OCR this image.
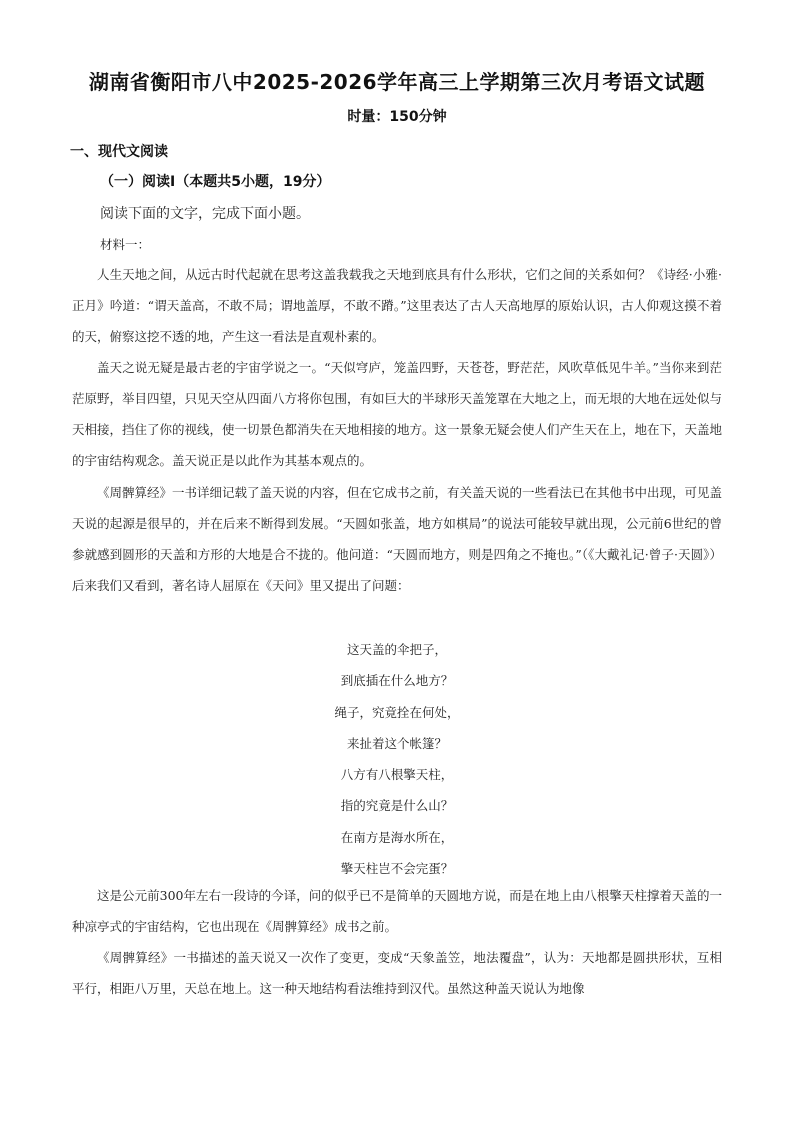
湖南省衡阳市八中2025-2026学年高三上学期第三次月考语文试题
时量：150分钟
一、现代文阅读
（一）阅读Ⅰ（本题共5小题，19分）
阅读下面的文字，完成下面小题。
材料一：

人生天地之间，从远古时代起就在思考这盖我载我之天地到底具有什么形状，它们之间的关系如何？《诗经·小雅·正月》吟道：“谓天盖高，不敢不局；谓地盖厚，不敢不蹐。”这里表达了古人天高地厚的原始认识，古人仰观这摸不着的天，俯察这挖不透的地，产生这一看法是直观朴素的。

盖天之说无疑是最古老的宇宙学说之一。“天似穹庐，笼盖四野，天苍苍，野茫茫，风吹草低见牛羊。”当你来到茫茫原野，举目四望，只见天空从四面八方将你包围，有如巨大的半球形天盖笼罩在大地之上，而无垠的大地在远处似与天相接，挡住了你的视线，使一切景色都消失在天地相接的地方。这一景象无疑会使人们产生天在上，地在下，天盖地的宇宙结构观念。盖天说正是以此作为其基本观点的。

《周髀算经》一书详细记载了盖天说的内容，但在它成书之前，有关盖天说的一些看法已在其他书中出现，可见盖天说的起源是很早的，并在后来不断得到发展。“天圆如张盖，地方如棋局”的说法可能较早就出现，公元前6世纪的曾参就感到圆形的天盖和方形的大地是合不拢的。他问道：“天圆而地方，则是四角之不掩也。”（《大戴礼记·曾子·天圆》）后来我们又看到，著名诗人屈原在《天问》里又提出了问题：

这天盖的伞把子，
到底插在什么地方？
绳子，究竟拴在何处，
来扯着这个帐篷？
八方有八根擎天柱，
指的究竟是什么山？
在南方是海水所在，
擎天柱岂不会完蛋？

这是公元前300年左右一段诗的今译，问的似乎已不是简单的天圆地方说，而是在地上由八根擎天柱撑着天盖的一种凉亭式的宇宙结构，它也出现在《周髀算经》成书之前。

《周髀算经》一书描述的盖天说又一次作了变更，变成“天象盖笠，地法覆盘”，认为：天地都是圆拱形状，互相平行，相距八万里，天总在地上。这一种天地结构看法维持到汉代。虽然这种盖天说认为地像
